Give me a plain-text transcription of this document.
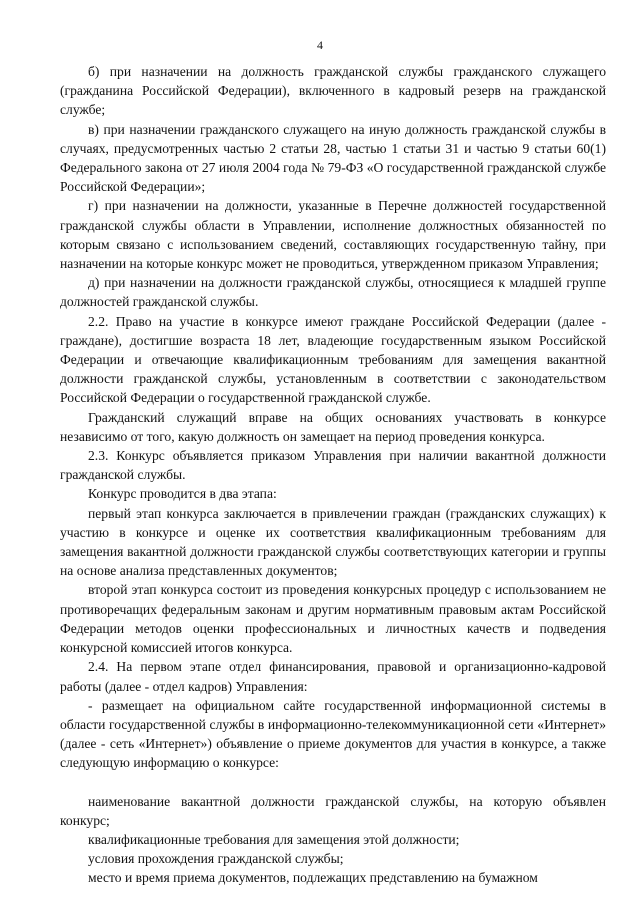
4

б) при назначении на должность гражданской службы гражданского служащего (гражданина Российской Федерации), включенного в кадровый резерв на гражданской службе;

в) при назначении гражданского служащего на иную должность гражданской службы в случаях, предусмотренных частью 2 статьи 28, частью 1 статьи 31 и частью 9 статьи 60(1) Федерального закона от 27 июля 2004 года № 79-ФЗ «О государственной гражданской службе Российской Федерации»;

г) при назначении на должности, указанные в Перечне должностей государственной гражданской службы области в Управлении, исполнение должностных обязанностей по которым связано с использованием сведений, составляющих государственную тайну, при назначении на которые конкурс может не проводиться, утвержденном приказом Управления;

д) при назначении на должности гражданской службы, относящиеся к младшей группе должностей гражданской службы.

2.2. Право на участие в конкурсе имеют граждане Российской Федерации (далее - граждане), достигшие возраста 18 лет, владеющие государственным языком Российской Федерации и отвечающие квалификационным требованиям для замещения вакантной должности гражданской службы, установленным в соответствии с законодательством Российской Федерации о государственной гражданской службе.

Гражданский служащий вправе на общих основаниях участвовать в конкурсе независимо от того, какую должность он замещает на период проведения конкурса.

2.3. Конкурс объявляется приказом Управления при наличии вакантной должности гражданской службы.

Конкурс проводится в два этапа:

первый этап конкурса заключается в привлечении граждан (гражданских служащих) к участию в конкурсе и оценке их соответствия квалификационным требованиям для замещения вакантной должности гражданской службы соответствующих категории и группы на основе анализа представленных документов;

второй этап конкурса состоит из проведения конкурсных процедур с использованием не противоречащих федеральным законам и другим нормативным правовым актам Российской Федерации методов оценки профессиональных и личностных качеств и подведения конкурсной комиссией итогов конкурса.

2.4. На первом этапе отдел финансирования, правовой и организационно-кадровой работы (далее - отдел кадров) Управления:

- размещает на официальном сайте государственной информационной системы в области государственной службы в информационно-телекоммуникационной сети «Интернет» (далее - сеть «Интернет») объявление о приеме документов для участия в конкурсе, а также следующую информацию о конкурсе:

наименование вакантной должности гражданской службы, на которую объявлен конкурс;

квалификационные требования для замещения этой должности;

условия прохождения гражданской службы;

место и время приема документов, подлежащих представлению на бумажном
